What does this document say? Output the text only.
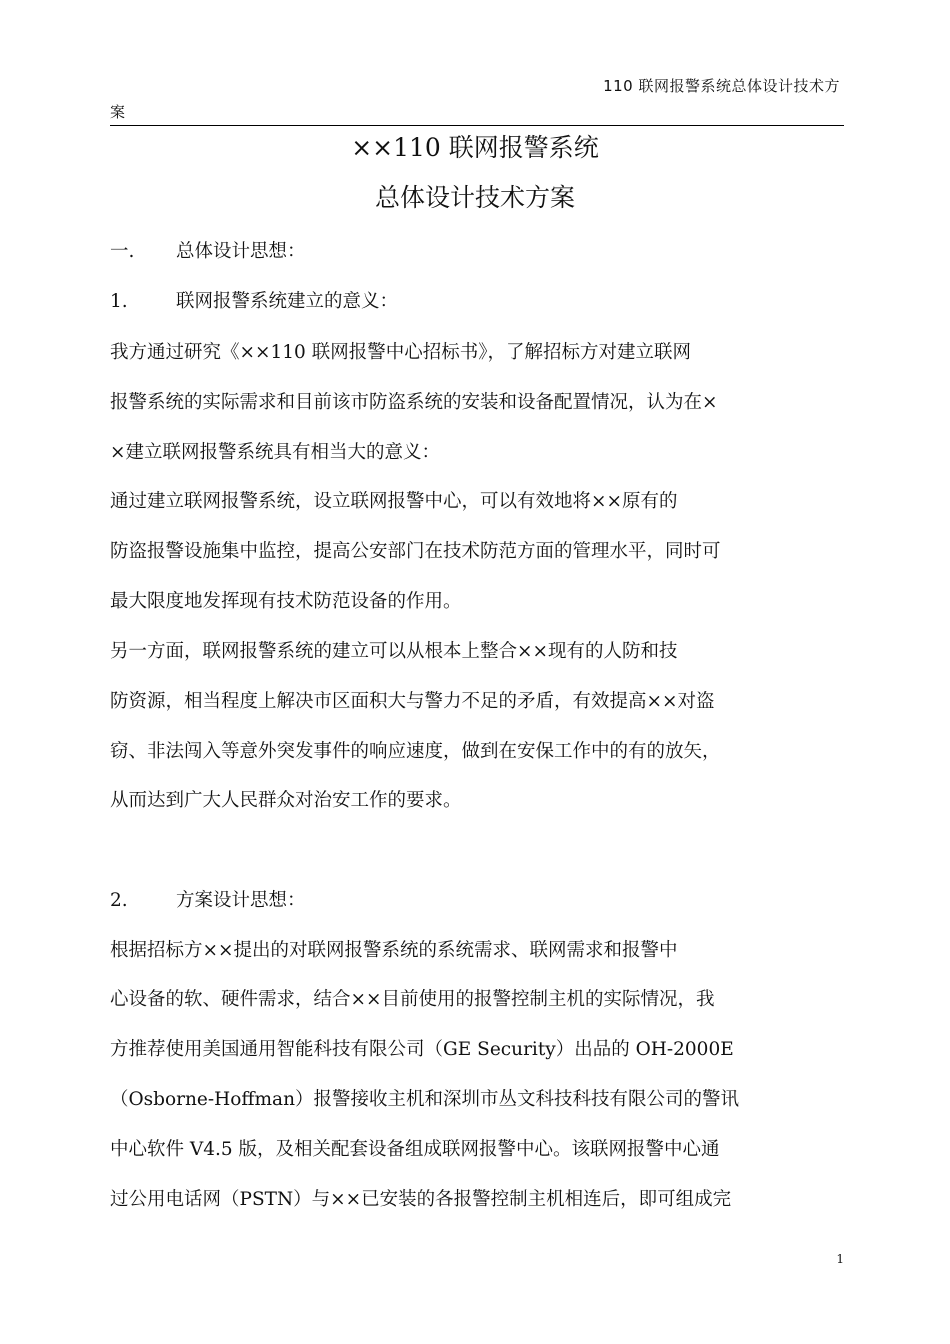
110 联网报警系统总体设计技术方
案
××110 联网报警系统
总体设计技术方案
一. 总体设计思想：
1.	联网报警系统建立的意义：
我方通过研究《××110 联网报警中心招标书》，了解招标方对建立联网
报警系统的实际需求和目前该市防盗系统的安装和设备配置情况，认为在×
×建立联网报警系统具有相当大的意义：
通过建立联网报警系统，设立联网报警中心，可以有效地将××原有的
防盗报警设施集中监控，提高公安部门在技术防范方面的管理水平，同时可
最大限度地发挥现有技术防范设备的作用。
另一方面，联网报警系统的建立可以从根本上整合××现有的人防和技
防资源，相当程度上解决市区面积大与警力不足的矛盾，有效提高××对盗
窃、非法闯入等意外突发事件的响应速度，做到在安保工作中的有的放矢，
从而达到广大人民群众对治安工作的要求。
2.	方案设计思想：
根据招标方××提出的对联网报警系统的系统需求、联网需求和报警中
心设备的软、硬件需求，结合××目前使用的报警控制主机的实际情况，我
方推荐使用美国通用智能科技有限公司（GE Security）出品的 OH-2000E
（Osborne-Hoffman）报警接收主机和深圳市丛文科技科技有限公司的警讯
中心软件 V4.5 版，及相关配套设备组成联网报警中心。该联网报警中心通
过公用电话网（PSTN）与××已安装的各报警控制主机相连后，即可组成完
1
